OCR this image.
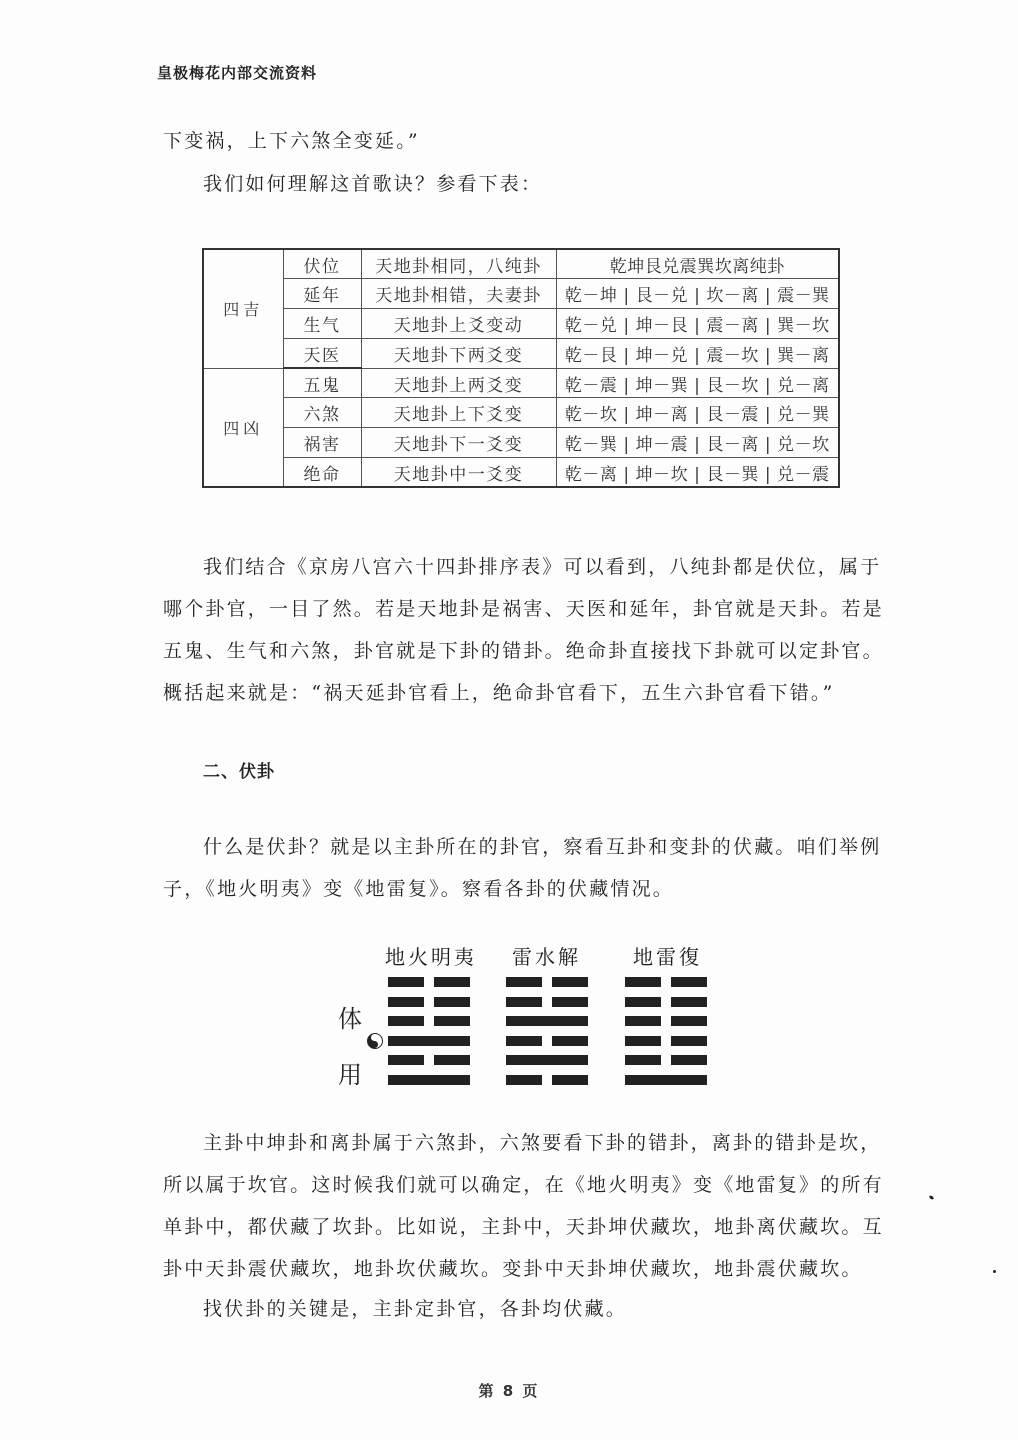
皇极梅花内部交流资料
下变祸，上下六煞全变延。”
我们如何理解这首歌诀？参看下表：
四吉	伏位	天地卦相同，八纯卦	乾坤艮兑震巽坎离纯卦
	延年	天地卦相错，夫妻卦	乾－坤 | 艮－兑 | 坎－离 | 震－巽
	生气	天地卦上爻变动	乾－兑 | 坤－艮 | 震－离 | 巽－坎
	天医	天地卦下两爻变	乾－艮 | 坤－兑 | 震－坎 | 巽－离
四凶	五鬼	天地卦上两爻变	乾－震 | 坤－巽 | 艮－坎 | 兑－离
	六煞	天地卦上下爻变	乾－坎 | 坤－离 | 艮－震 | 兑－巽
	祸害	天地卦下一爻变	乾－巽 | 坤－震 | 艮－离 | 兑－坎
	绝命	天地卦中一爻变	乾－离 | 坤－坎 | 艮－巽 | 兑－震
我们结合《京房八宫六十四卦排序表》可以看到，八纯卦都是伏位，属于哪个卦官，一目了然。若是天地卦是祸害、天医和延年，卦官就是天卦。若是五鬼、生气和六煞，卦官就是下卦的错卦。绝命卦直接找下卦就可以定卦官。概括起来就是：“祸天延卦官看上，绝命卦官看下，五生六卦官看下错。”
二、伏卦
什么是伏卦？就是以主卦所在的卦官，察看互卦和变卦的伏藏。咱们举例子，《地火明夷》变《地雷复》。察看各卦的伏藏情况。
体
用
地火明夷 雷水解	地雷復
主卦中坤卦和离卦属于六煞卦，六煞要看下卦的错卦，离卦的错卦是坎，所以属于坎官。这时候我们就可以确定，在《地火明夷》变《地雷复》的所有单卦中，都伏藏了坎卦。比如说，主卦中，天卦坤伏藏坎，地卦离伏藏坎。互卦中天卦震伏藏坎，地卦坎伏藏坎。变卦中天卦坤伏藏坎，地卦震伏藏坎。
找伏卦的关键是，主卦定卦官，各卦均伏藏。
第 8 页
